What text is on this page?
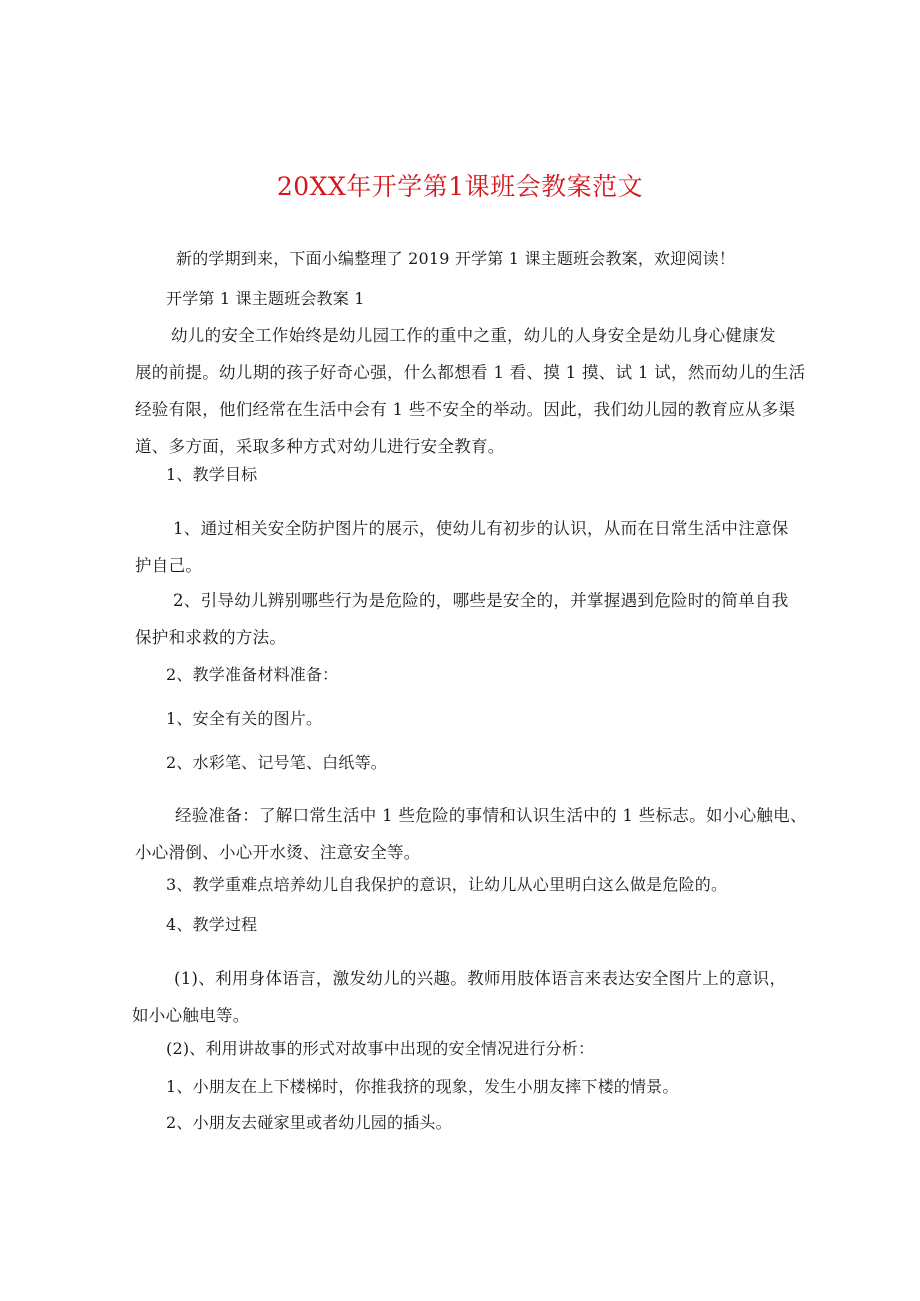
20XX年开学第1课班会教案范文
新的学期到来，下面小编整理了 2019 开学第 1 课主题班会教案，欢迎阅读！
开学第 1 课主题班会教案 1
幼儿的安全工作始终是幼儿园工作的重中之重，幼儿的人身安全是幼儿身心健康发
展的前提。幼儿期的孩子好奇心强，什么都想看 1 看、摸 1 摸、试 1 试，然而幼儿的生活
经验有限，他们经常在生活中会有 1 些不安全的举动。因此，我们幼儿园的教育应从多渠
道、多方面，采取多种方式对幼儿进行安全教育。
1、教学目标
1、通过相关安全防护图片的展示，使幼儿有初步的认识，从而在日常生活中注意保
护自己。
2、引导幼儿辨别哪些行为是危险的，哪些是安全的，并掌握遇到危险时的简单自我
保护和求救的方法。
2、教学准备材料准备：
1、安全有关的图片。
2、水彩笔、记号笔、白纸等。
经验准备：了解口常生活中 1 些危险的事情和认识生活中的 1 些标志。如小心触电、
小心滑倒、小心开水烫、注意安全等。
3、教学重难点培养幼儿自我保护的意识，让幼儿从心里明白这么做是危险的。
4、教学过程
(1)、利用身体语言，激发幼儿的兴趣。教师用肢体语言来表达安全图片上的意识，
如小心触电等。
(2)、利用讲故事的形式对故事中出现的安全情况进行分析：
1、小朋友在上下楼梯时，你推我挤的现象，发生小朋友摔下楼的情景。
2、小朋友去碰家里或者幼儿园的插头。
